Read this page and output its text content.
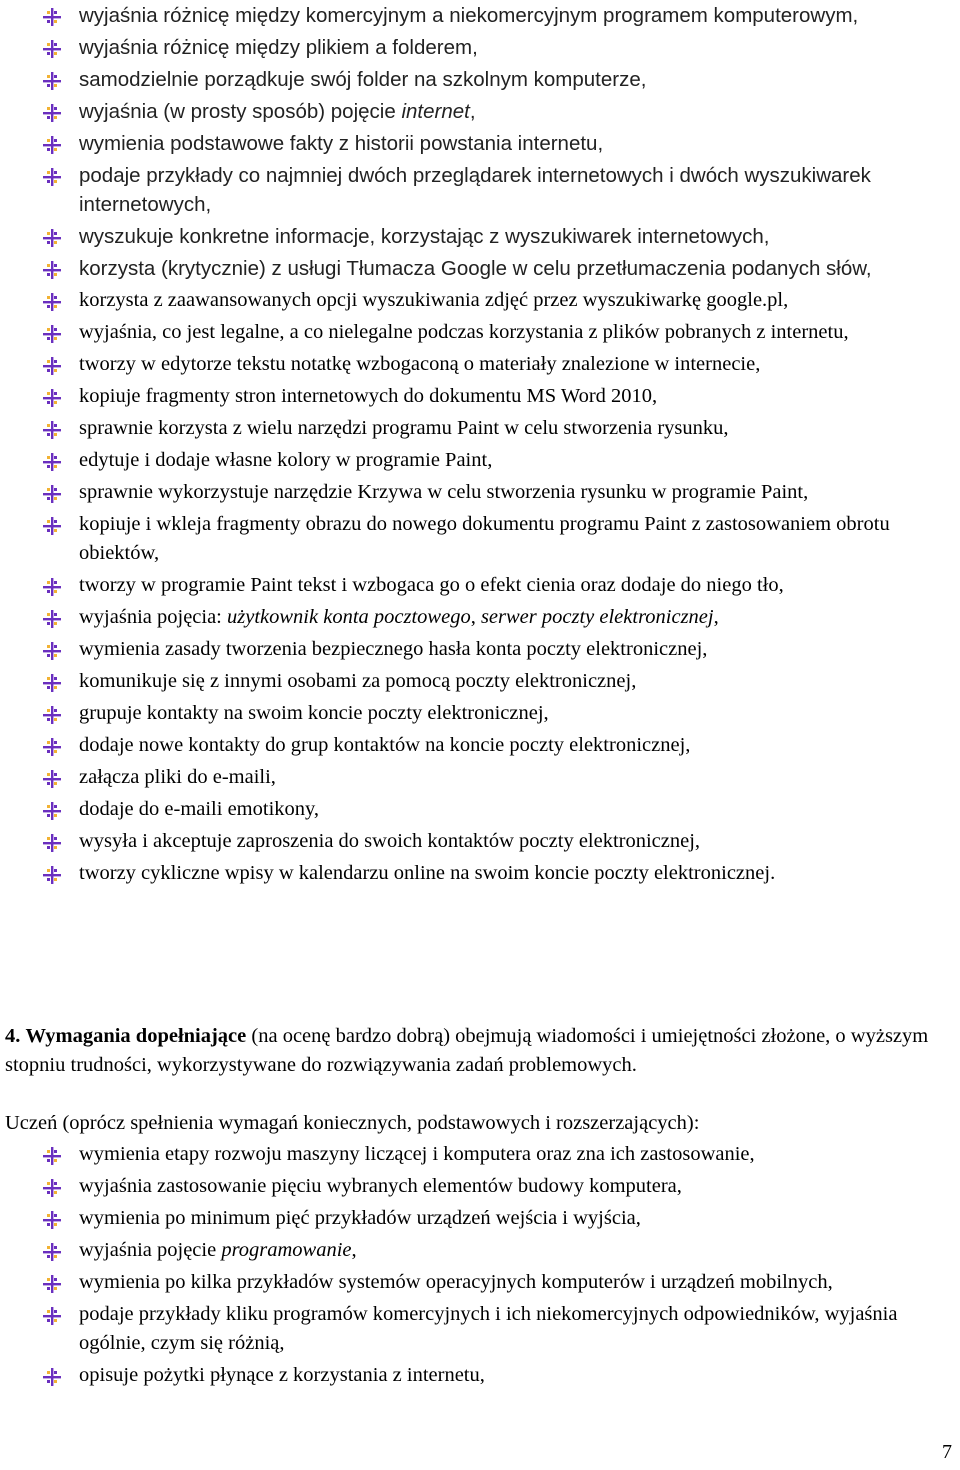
wyjaśnia różnicę między komercyjnym a niekomercyjnym programem komputerowym,
wyjaśnia różnicę między plikiem a folderem,
samodzielnie porządkuje swój folder na szkolnym komputerze,
wyjaśnia (w prosty sposób) pojęcie internet,
wymienia podstawowe fakty z historii powstania internetu,
podaje przykłady co najmniej dwóch przeglądarek internetowych i dwóch wyszukiwarek internetowych,
wyszukuje konkretne informacje, korzystając z wyszukiwarek internetowych,
korzysta (krytycznie) z usługi Tłumacza Google w celu przetłumaczenia podanych słów,
korzysta z zaawansowanych opcji wyszukiwania zdjęć przez wyszukiwarkę google.pl,
wyjaśnia, co jest legalne, a co nielegalne podczas korzystania z plików pobranych z internetu,
tworzy w edytorze tekstu notatkę wzbogaconą o materiały znalezione w internecie,
kopiuje fragmenty stron internetowych do dokumentu MS Word 2010,
sprawnie korzysta z wielu narzędzi programu Paint w celu stworzenia rysunku,
edytuje i dodaje własne kolory w programie Paint,
sprawnie wykorzystuje narzędzie Krzywa w celu stworzenia rysunku w programie Paint,
kopiuje i wkleja fragmenty obrazu do nowego dokumentu programu Paint z zastosowaniem obrotu obiektów,
tworzy w programie Paint tekst i wzbogaca go o efekt cienia oraz dodaje do niego tło,
wyjaśnia pojęcia: użytkownik konta pocztowego, serwer poczty elektronicznej,
wymienia zasady tworzenia bezpiecznego hasła konta poczty elektronicznej,
komunikuje się z innymi osobami za pomocą poczty elektronicznej,
grupuje kontakty na swoim koncie poczty elektronicznej,
dodaje nowe kontakty do grup kontaktów na koncie poczty elektronicznej,
załącza pliki do e-maili,
dodaje do e-maili emotikony,
wysyła i akceptuje zaproszenia do swoich kontaktów poczty elektronicznej,
tworzy cykliczne wpisy w kalendarzu online na swoim koncie poczty elektronicznej.
4. Wymagania dopełniające (na ocenę bardzo dobrą) obejmują wiadomości i umiejętności złożone, o wyższym stopniu trudności, wykorzystywane do rozwiązywania zadań problemowych.
Uczeń (oprócz spełnienia wymagań koniecznych, podstawowych i rozszerzających):
wymienia etapy rozwoju maszyny liczącej i komputera oraz zna ich zastosowanie,
wyjaśnia zastosowanie pięciu wybranych elementów budowy komputera,
wymienia po minimum pięć przykładów urządzeń wejścia i wyjścia,
wyjaśnia pojęcie programowanie,
wymienia po kilka przykładów systemów operacyjnych komputerów i urządzeń mobilnych,
podaje przykłady kliku programów komercyjnych i ich niekomercyjnych odpowiedników, wyjaśnia ogólnie, czym się różnią,
opisuje pożytki płynące z korzystania z internetu,
7
